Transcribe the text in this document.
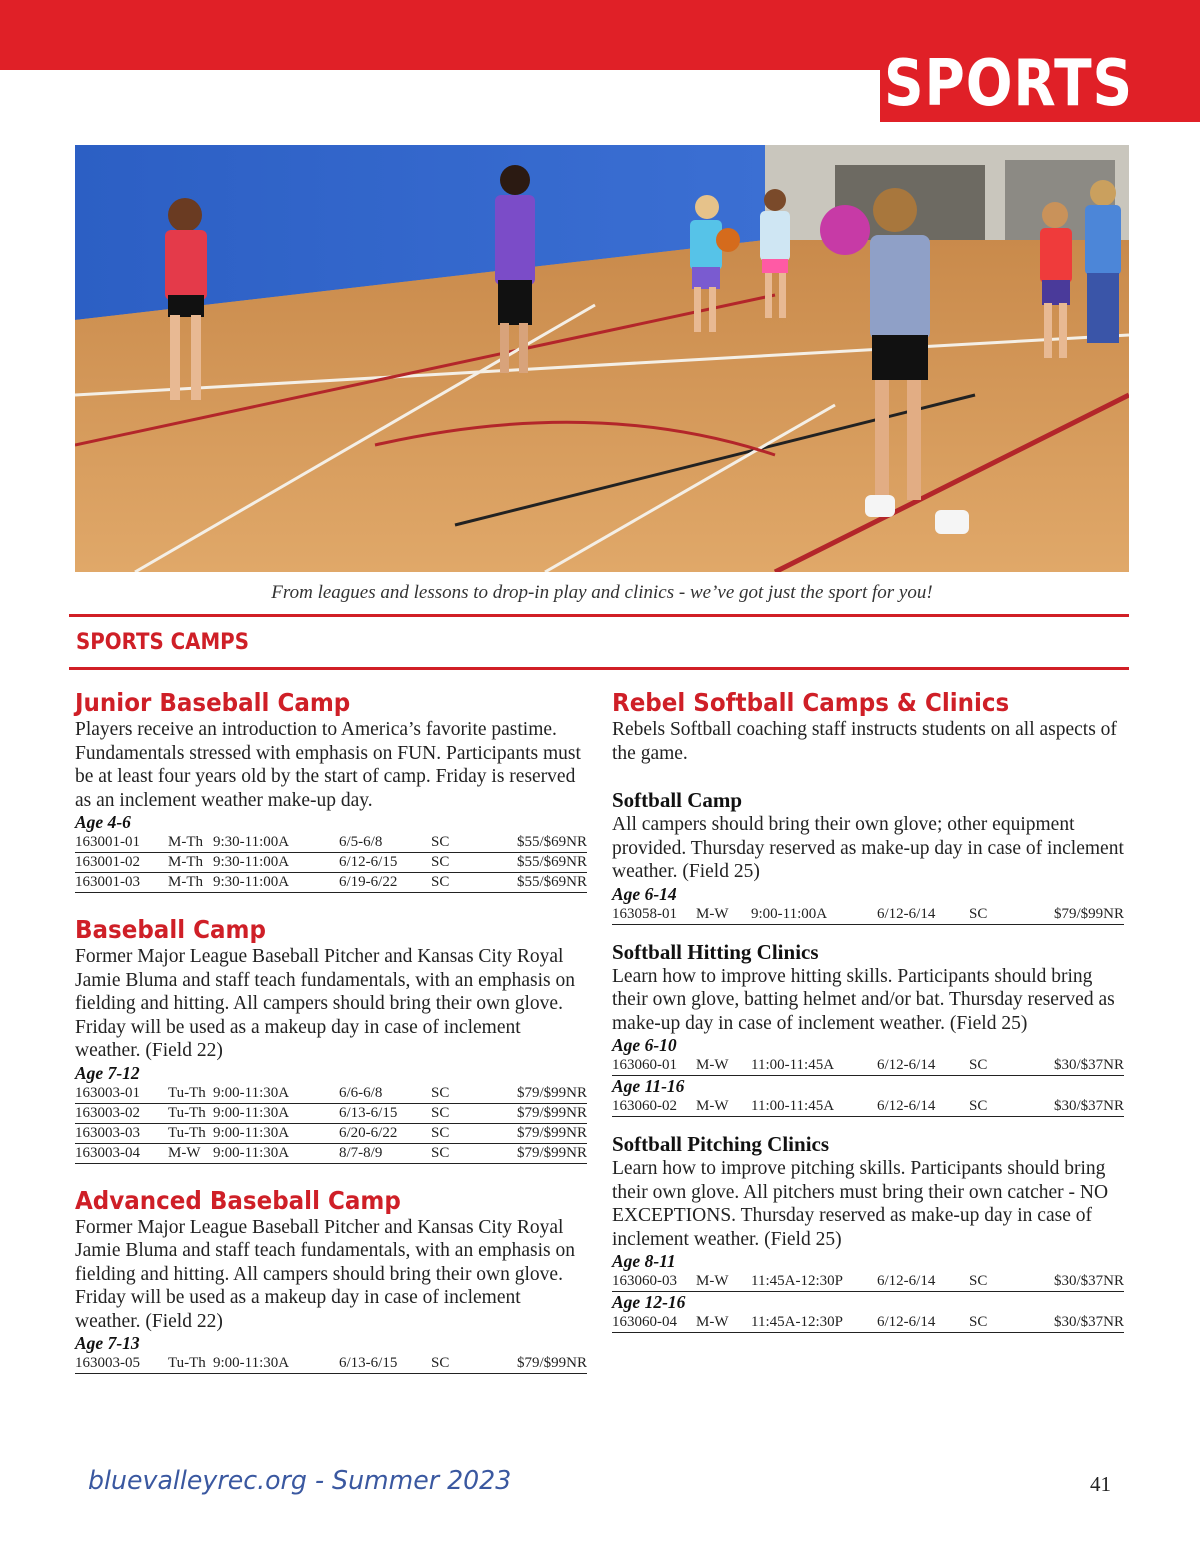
SPORTS
From leagues and lessons to drop-in play and clinics - we’ve got just the sport for you!
SPORTS CAMPS
Junior Baseball Camp
Players receive an introduction to America’s favorite pastime. Fundamentals stressed with emphasis on FUN. Participants must be at least four years old by the start of camp. Friday is reserved as an inclement weather make-up day.
Age 4-6
163001-01	M-Th	9:30-11:00A	6/5-6/8	SC	$55/$69NR
163001-02	M-Th	9:30-11:00A	6/12-6/15	SC	$55/$69NR
163001-03	M-Th	9:30-11:00A	6/19-6/22	SC	$55/$69NR
Baseball Camp
Former Major League Baseball Pitcher and Kansas City Royal Jamie Bluma and staff teach fundamentals, with an emphasis on fielding and hitting. All campers should bring their own glove. Friday will be used as a makeup day in case of inclement weather. (Field 22)
Age 7-12
163003-01	Tu-Th	9:00-11:30A	6/6-6/8	SC	$79/$99NR
163003-02	Tu-Th	9:00-11:30A	6/13-6/15	SC	$79/$99NR
163003-03	Tu-Th	9:00-11:30A	6/20-6/22	SC	$79/$99NR
163003-04	M-W	9:00-11:30A	8/7-8/9	SC	$79/$99NR
Advanced Baseball Camp
Former Major League Baseball Pitcher and Kansas City Royal Jamie Bluma and staff teach fundamentals, with an emphasis on fielding and hitting. All campers should bring their own glove. Friday will be used as a makeup day in case of inclement weather. (Field 22)
Age 7-13
163003-05	Tu-Th	9:00-11:30A	6/13-6/15	SC	$79/$99NR
Rebel Softball Camps & Clinics
Rebels Softball coaching staff instructs students on all aspects of the game.
Softball Camp
All campers should bring their own glove; other equipment provided. Thursday reserved as make-up day in case of inclement weather. (Field 25)
Age 6-14
163058-01	M-W	9:00-11:00A	6/12-6/14	SC	$79/$99NR
Softball Hitting Clinics
Learn how to improve hitting skills. Participants should bring their own glove, batting helmet and/or bat. Thursday reserved as make-up day in case of inclement weather. (Field 25)
Age 6-10
163060-01	M-W	11:00-11:45A	6/12-6/14	SC	$30/$37NR
Age 11-16
163060-02	M-W	11:00-11:45A	6/12-6/14	SC	$30/$37NR
Softball Pitching Clinics
Learn how to improve pitching skills. Participants should bring their own glove. All pitchers must bring their own catcher - NO EXCEPTIONS. Thursday reserved as make-up day in case of inclement weather. (Field 25)
Age 8-11
163060-03	M-W	11:45A-12:30P	6/12-6/14	SC	$30/$37NR
Age 12-16
163060-04	M-W	11:45A-12:30P	6/12-6/14	SC	$30/$37NR
bluevalleyrec.org - Summer 2023	41
